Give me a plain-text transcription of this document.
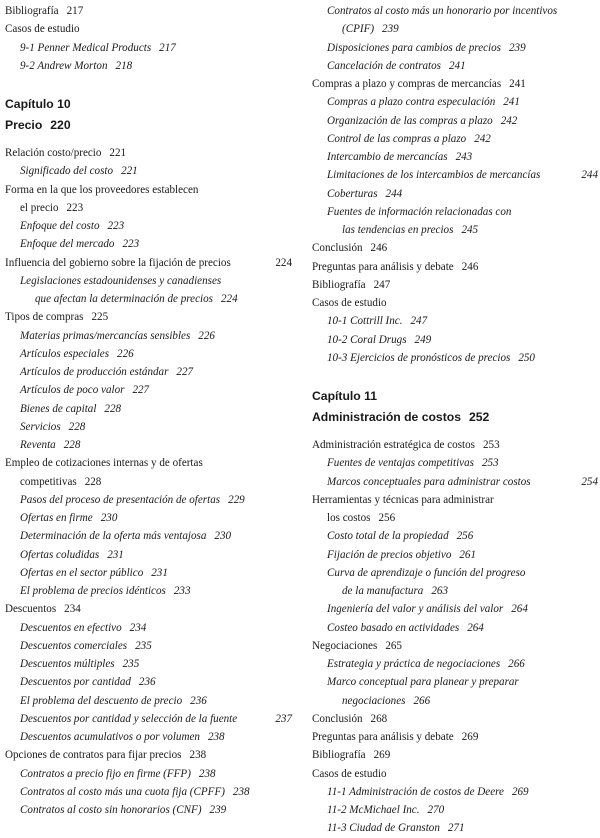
Bibliografía 217
Casos de estudio
9-1 Penner Medical Products 217
9-2 Andrew Morton 218
Capítulo 10
Precio 220
Relación costo/precio 221
Significado del costo 221
Forma en la que los proveedores establecen
el precio 223
Enfoque del costo 223
Enfoque del mercado 223
Influencia del gobierno sobre la fijación de precios	224
Legislaciones estadounidenses y canadienses
que afectan la determinación de precios 224
Tipos de compras 225
Materias primas/mercancías sensibles 226
Artículos especiales 226
Artículos de producción estándar 227
Artículos de poco valor 227
Bienes de capital 228
Servicios 228
Reventa 228
Empleo de cotizaciones internas y de ofertas
competitivas 228
Pasos del proceso de presentación de ofertas 229
Ofertas en firme 230
Determinación de la oferta más ventajosa 230
Ofertas coludidas 231
Ofertas en el sector público 231
El problema de precios idénticos 233
Descuentos 234
Descuentos en efectivo 234
Descuentos comerciales 235
Descuentos múltiples 235
Descuentos por cantidad 236
El problema del descuento de precio 236
Descuentos por cantidad y selección de la fuente	237
Descuentos acumulativos o por volumen 238
Opciones de contratos para fijar precios 238
Contratos a precio fijo en firme (FFP) 238
Contratos al costo más una cuota fija (CPFF) 238
Contratos al costo sin honorarios (CNF) 239
Contratos al costo más un honorario por incentivos
(CPIF) 239
Disposiciones para cambios de precios 239
Cancelación de contratos 241
Compras a plazo y compras de mercancías 241
Compras a plazo contra especulación 241
Organización de las compras a plazo 242
Control de las compras a plazo 242
Intercambio de mercancías 243
Limitaciones de los intercambios de mercancías	244
Coberturas 244
Fuentes de información relacionadas con
las tendencias en precios 245
Conclusión 246
Preguntas para análisis y debate 246
Bibliografía 247
Casos de estudio
10-1 Cottrill Inc. 247
10-2 Coral Drugs 249
10-3 Ejercicios de pronósticos de precios 250
Capítulo 11
Administración de costos 252
Administración estratégica de costos 253
Fuentes de ventajas competitivas 253
Marcos conceptuales para administrar costos	254
Herramientas y técnicas para administrar
los costos 256
Costo total de la propiedad 256
Fijación de precios objetivo 261
Curva de aprendizaje o función del progreso
de la manufactura 263
Ingeniería del valor y análisis del valor 264
Costeo basado en actividades 264
Negociaciones 265
Estrategia y práctica de negociaciones 266
Marco conceptual para planear y preparar
negociaciones 266
Conclusión 268
Preguntas para análisis y debate 269
Bibliografía 269
Casos de estudio
11-1 Administración de costos de Deere 269
11-2 McMichael Inc. 270
11-3 Ciudad de Granston 271
